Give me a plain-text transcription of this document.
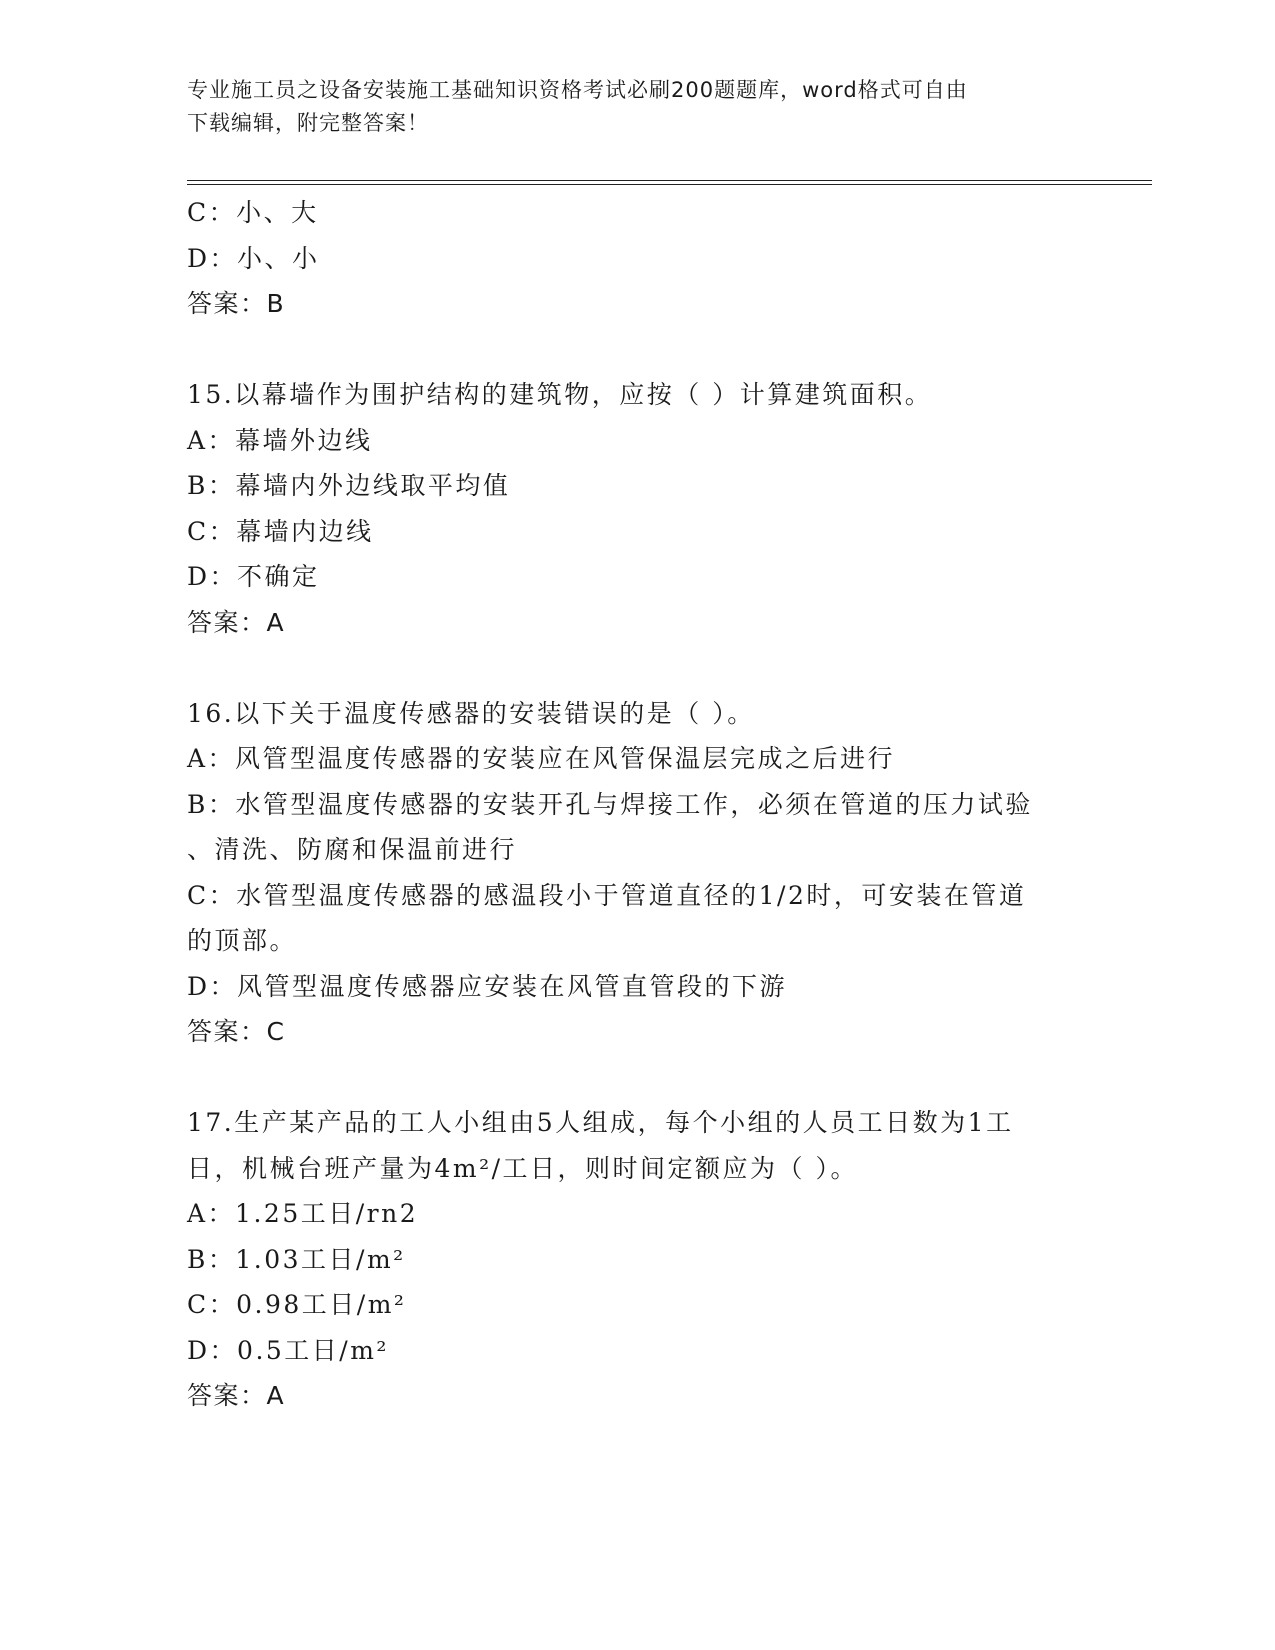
专业施工员之设备安装施工基础知识资格考试必刷200题题库，word格式可自由
下载编辑，附完整答案！

C：小、大

D：小、小

答案：B

15.以幕墙作为围护结构的建筑物，应按（ ）计算建筑面积。

A：幕墙外边线

B：幕墙内外边线取平均值

C：幕墙内边线

D：不确定

答案：A

16.以下关于温度传感器的安装错误的是（ ）。

A：风管型温度传感器的安装应在风管保温层完成之后进行

B：水管型温度传感器的安装开孔与焊接工作，必须在管道的压力试验

、清洗、防腐和保温前进行

C：水管型温度传感器的感温段小于管道直径的1/2时，可安装在管道

的顶部。

D：风管型温度传感器应安装在风管直管段的下游

答案：C

17.生产某产品的工人小组由5人组成，每个小组的人员工日数为1工

日，机械台班产量为4m²/工日，则时间定额应为（ ）。

A：1.25工日/rn2

B：1.03工日/m²

C：0.98工日/m²

D：0.5工日/m²

答案：A
